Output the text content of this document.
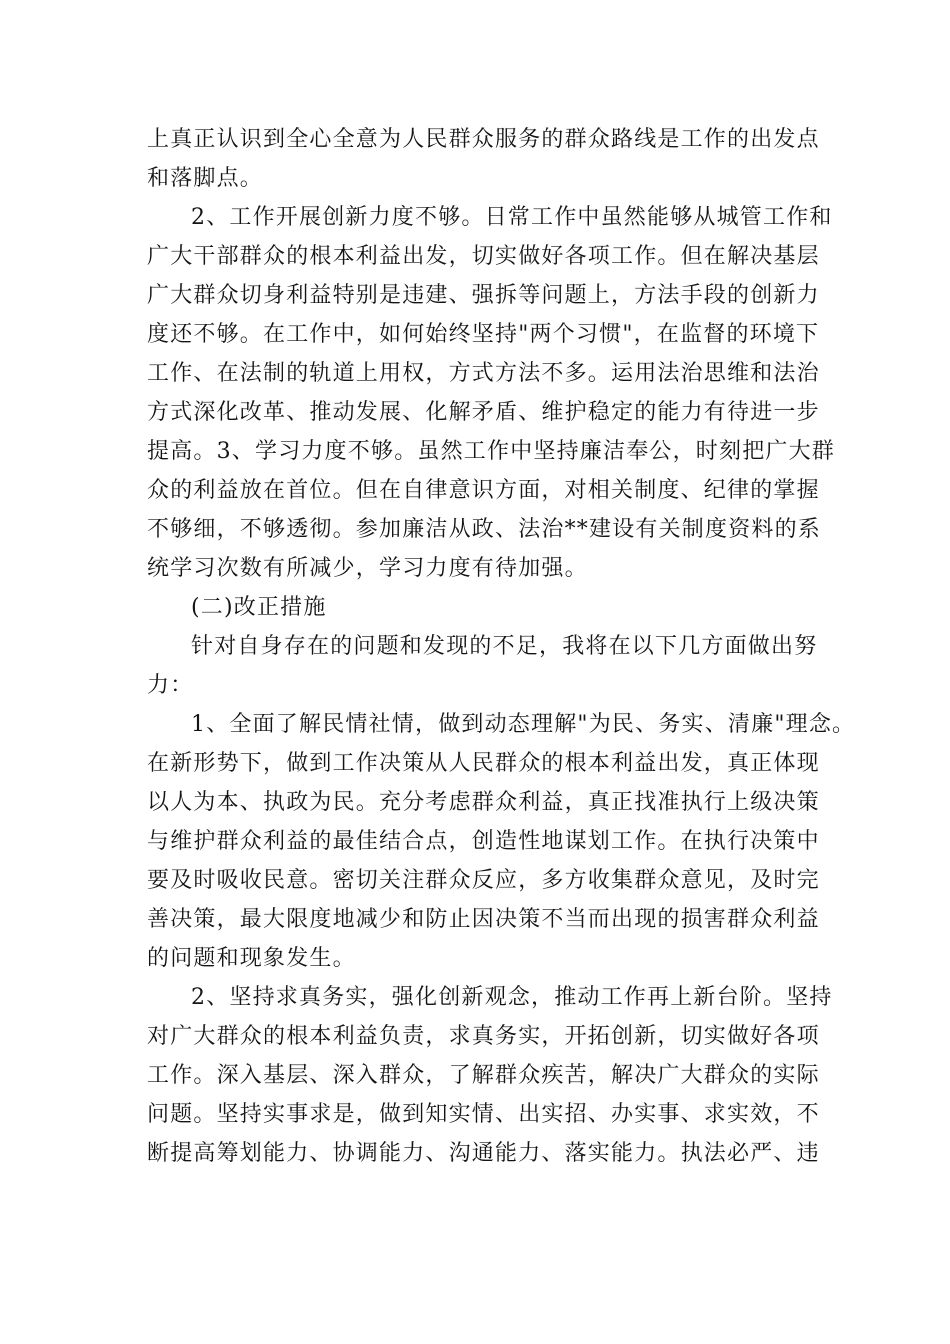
上真正认识到全心全意为人民群众服务的群众路线是工作的出发点
和落脚点。
2、工作开展创新力度不够。日常工作中虽然能够从城管工作和
广大干部群众的根本利益出发，切实做好各项工作。但在解决基层
广大群众切身利益特别是违建、强拆等问题上，方法手段的创新力
度还不够。在工作中，如何始终坚持"两个习惯"，在监督的环境下
工作、在法制的轨道上用权，方式方法不多。运用法治思维和法治
方式深化改革、推动发展、化解矛盾、维护稳定的能力有待进一步
提高。3、学习力度不够。虽然工作中坚持廉洁奉公，时刻把广大群
众的利益放在首位。但在自律意识方面，对相关制度、纪律的掌握
不够细，不够透彻。参加廉洁从政、法治**建设有关制度资料的系
统学习次数有所减少，学习力度有待加强。
(二)改正措施
针对自身存在的问题和发现的不足，我将在以下几方面做出努
力：
1、全面了解民情社情，做到动态理解"为民、务实、清廉"理念。
在新形势下，做到工作决策从人民群众的根本利益出发，真正体现
以人为本、执政为民。充分考虑群众利益，真正找准执行上级决策
与维护群众利益的最佳结合点，创造性地谋划工作。在执行决策中
要及时吸收民意。密切关注群众反应，多方收集群众意见，及时完
善决策，最大限度地减少和防止因决策不当而出现的损害群众利益
的问题和现象发生。
2、坚持求真务实，强化创新观念，推动工作再上新台阶。坚持
对广大群众的根本利益负责，求真务实，开拓创新，切实做好各项
工作。深入基层、深入群众，了解群众疾苦，解决广大群众的实际
问题。坚持实事求是，做到知实情、出实招、办实事、求实效，不
断提高筹划能力、协调能力、沟通能力、落实能力。执法必严、违
